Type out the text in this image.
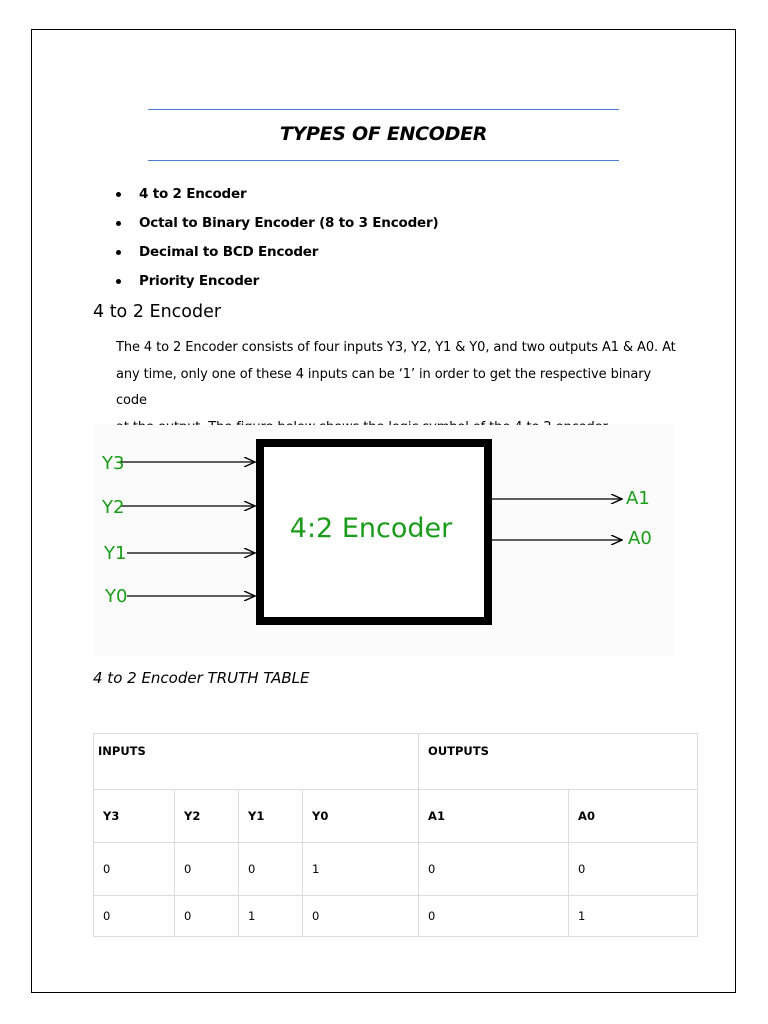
TYPES OF ENCODER
4 to 2 Encoder
Octal to Binary Encoder (8 to 3 Encoder)
Decimal to BCD Encoder
Priority Encoder
4 to 2 Encoder
The 4 to 2 Encoder consists of four inputs Y3, Y2, Y1 & Y0, and two outputs A1 & A0. At
any time, only one of these 4 inputs can be ‘1’ in order to get the respective binary code
4:2 Encoder
Y3
Y2
Y1
Y0
A1
A0
4 to 2 Encoder TRUTH TABLE
INPUTS				OUTPUTS	
Y3	Y2	Y1	Y0	A1	A0
0	0	0	1	0	0
0	0	1	0	0	1
